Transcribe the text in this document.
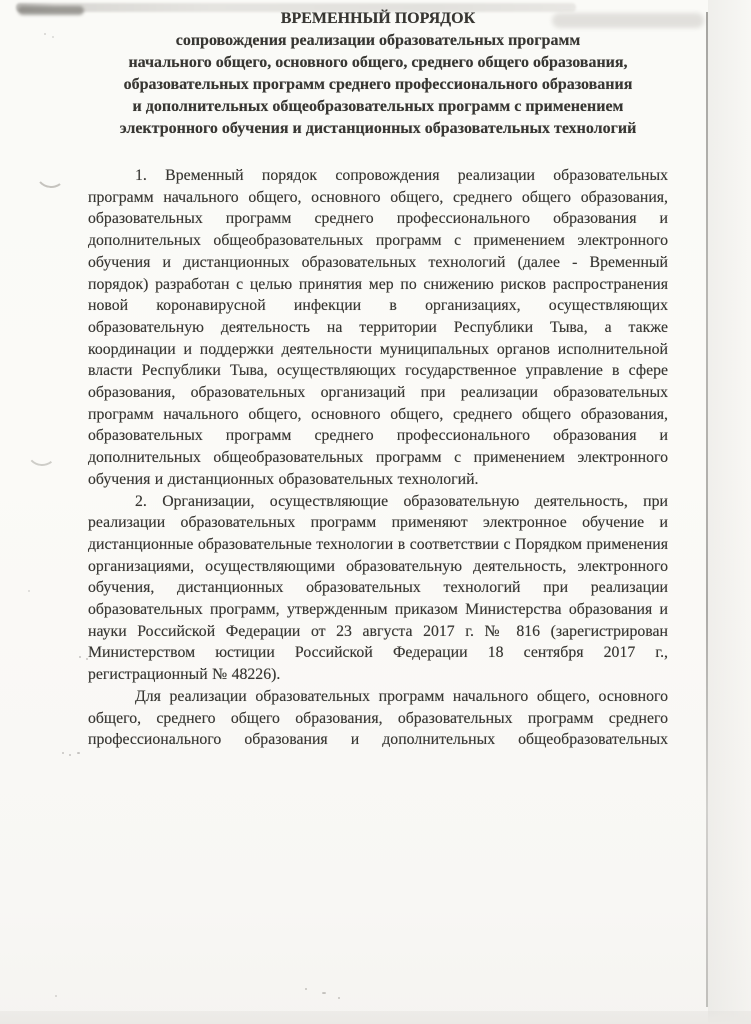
ВРЕМЕННЫЙ ПОРЯДОК
сопровождения реализации образовательных программ
начального общего, основного общего, среднего общего образования,
образовательных программ среднего профессионального образования
и дополнительных общеобразовательных программ с применением
электронного обучения и дистанционных образовательных технологий

1. Временный порядок сопровождения реализации образовательных программ начального общего, основного общего, среднего общего образования, образовательных программ среднего профессионального образования и дополнительных общеобразовательных программ с применением электронного обучения и дистанционных образовательных технологий (далее - Временный порядок) разработан с целью принятия мер по снижению рисков распространения новой коронавирусной инфекции в организациях, осуществляющих образовательную деятельность на территории Республики Тыва, а также координации и поддержки деятельности муниципальных органов исполнительной власти Республики Тыва, осуществляющих государственное управление в сфере образования, образовательных организаций при реализации образовательных программ начального общего, основного общего, среднего общего образования, образовательных программ среднего профессионального образования и дополнительных общеобразовательных программ с применением электронного обучения и дистанционных образовательных технологий.

2. Организации, осуществляющие образовательную деятельность, при реализации образовательных программ применяют электронное обучение и дистанционные образовательные технологии в соответствии с Порядком применения организациями, осуществляющими образовательную деятельность, электронного обучения, дистанционных образовательных технологий при реализации образовательных программ, утвержденным приказом Министерства образования и науки Российской Федерации от 23 августа 2017 г. № 816 (зарегистрирован Министерством юстиции Российской Федерации 18 сентября 2017 г., регистрационный № 48226).

Для реализации образовательных программ начального общего, основного общего, среднего общего образования, образовательных программ среднего профессионального образования и дополнительных общеобразовательных
